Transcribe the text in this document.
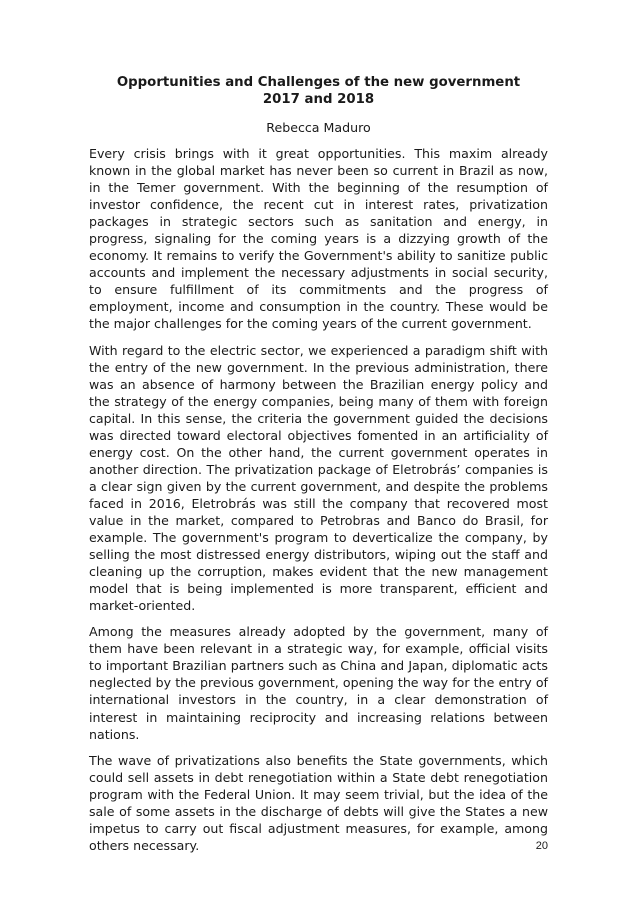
Opportunities and Challenges of the new government 2017 and 2018
Rebecca Maduro

Every crisis brings with it great opportunities. This maxim already known in the global market has never been so current in Brazil as now, in the Temer government. With the beginning of the resumption of investor confidence, the recent cut in interest rates, privatization packages in strategic sectors such as sanitation and energy, in progress, signaling for the coming years is a dizzying growth of the economy. It remains to verify the Government's ability to sanitize public accounts and implement the necessary adjustments in social security, to ensure fulfillment of its commitments and the progress of employment, income and consumption in the country. These would be the major challenges for the coming years of the current government.

With regard to the electric sector, we experienced a paradigm shift with the entry of the new government. In the previous administration, there was an absence of harmony between the Brazilian energy policy and the strategy of the energy companies, being many of them with foreign capital. In this sense, the criteria the government guided the decisions was directed toward electoral objectives fomented in an artificiality of energy cost. On the other hand, the current government operates in another direction. The privatization package of Eletrobrás’ companies is a clear sign given by the current government, and despite the problems faced in 2016, Eletrobrás was still the company that recovered most value in the market, compared to Petrobras and Banco do Brasil, for example. The government's program to deverticalize the company, by selling the most distressed energy distributors, wiping out the staff and cleaning up the corruption, makes evident that the new management model that is being implemented is more transparent, efficient and market-oriented.

Among the measures already adopted by the government, many of them have been relevant in a strategic way, for example, official visits to important Brazilian partners such as China and Japan, diplomatic acts neglected by the previous government, opening the way for the entry of international investors in the country, in a clear demonstration of interest in maintaining reciprocity and increasing relations between nations.

The wave of privatizations also benefits the State governments, which could sell assets in debt renegotiation within a State debt renegotiation program with the Federal Union. It may seem trivial, but the idea of the sale of some assets in the discharge of debts will give the States a new impetus to carry out fiscal adjustment measures, for example, among others necessary.	20
